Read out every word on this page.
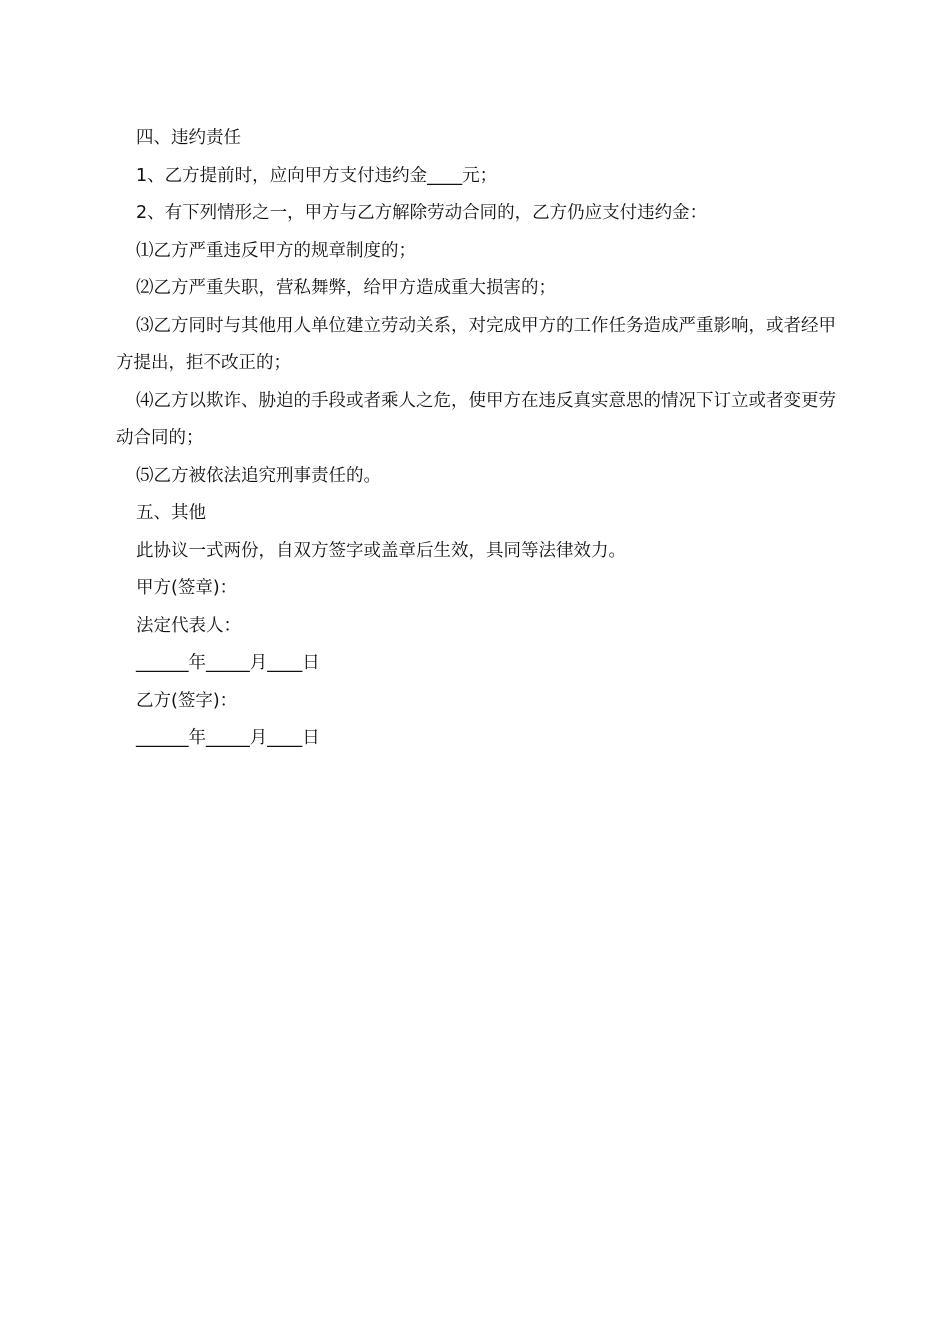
四、违约责任

1、乙方提前时，应向甲方支付违约金____元；

2、有下列情形之一，甲方与乙方解除劳动合同的，乙方仍应支付违约金：

⑴乙方严重违反甲方的规章制度的；

⑵乙方严重失职，营私舞弊，给甲方造成重大损害的；

⑶乙方同时与其他用人单位建立劳动关系，对完成甲方的工作任务造成严重影响，或者经甲方提出，拒不改正的；

⑷乙方以欺诈、胁迫的手段或者乘人之危，使甲方在违反真实意思的情况下订立或者变更劳动合同的；

⑸乙方被依法追究刑事责任的。

五、其他

此协议一式两份，自双方签字或盖章后生效，具同等法律效力。

甲方(签章)：

法定代表人：

______年_____月____日

乙方(签字)：

______年_____月____日
